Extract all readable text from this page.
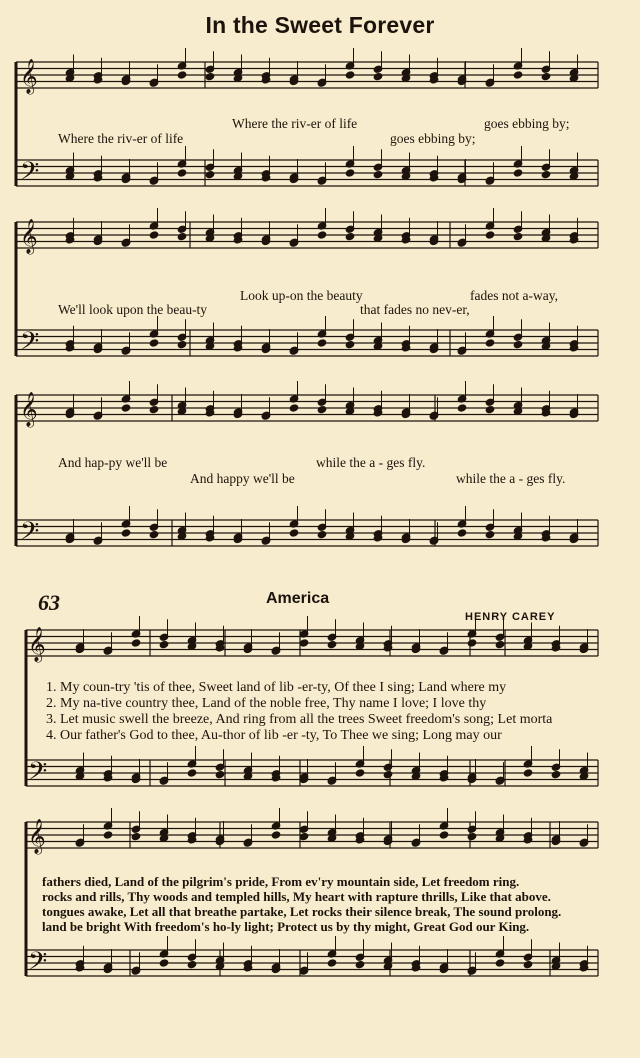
In the Sweet Forever
𝄞
𝄢
𝄞
𝄢
𝄞
𝄢
𝄞
𝄢
𝄞
𝄢
Where the riv-er of life	goes ebbing by;
Where the riv-er of life	goes ebbing by;
Look up-on the beauty	fades not a-way,
We'll look upon the beau-ty	that fades no nev-er,
And hap-py we'll be	while the a - ges fly.
And happy we'll be	while the a - ges fly.
63	America
HENRY CAREY
1. My coun-try 'tis of thee, Sweet land of lib -er-ty, Of thee I sing; Land where my
2. My na-tive country thee, Land of the noble free, Thy name I love; I love thy
3. Let music swell the breeze, And ring from all the trees Sweet freedom's song; Let morta
4. Our father's God to thee, Au-thor of lib -er -ty, To Thee we sing; Long may our
fathers died, Land of the pilgrim's pride, From ev'ry mountain side, Let freedom ring.
rocks and rills, Thy woods and templed hills, My heart with rapture thrills, Like that above.
tongues awake, Let all that breathe partake, Let rocks their silence break, The sound prolong.
land be bright With freedom's ho-ly light; Protect us by thy might, Great God our King.
